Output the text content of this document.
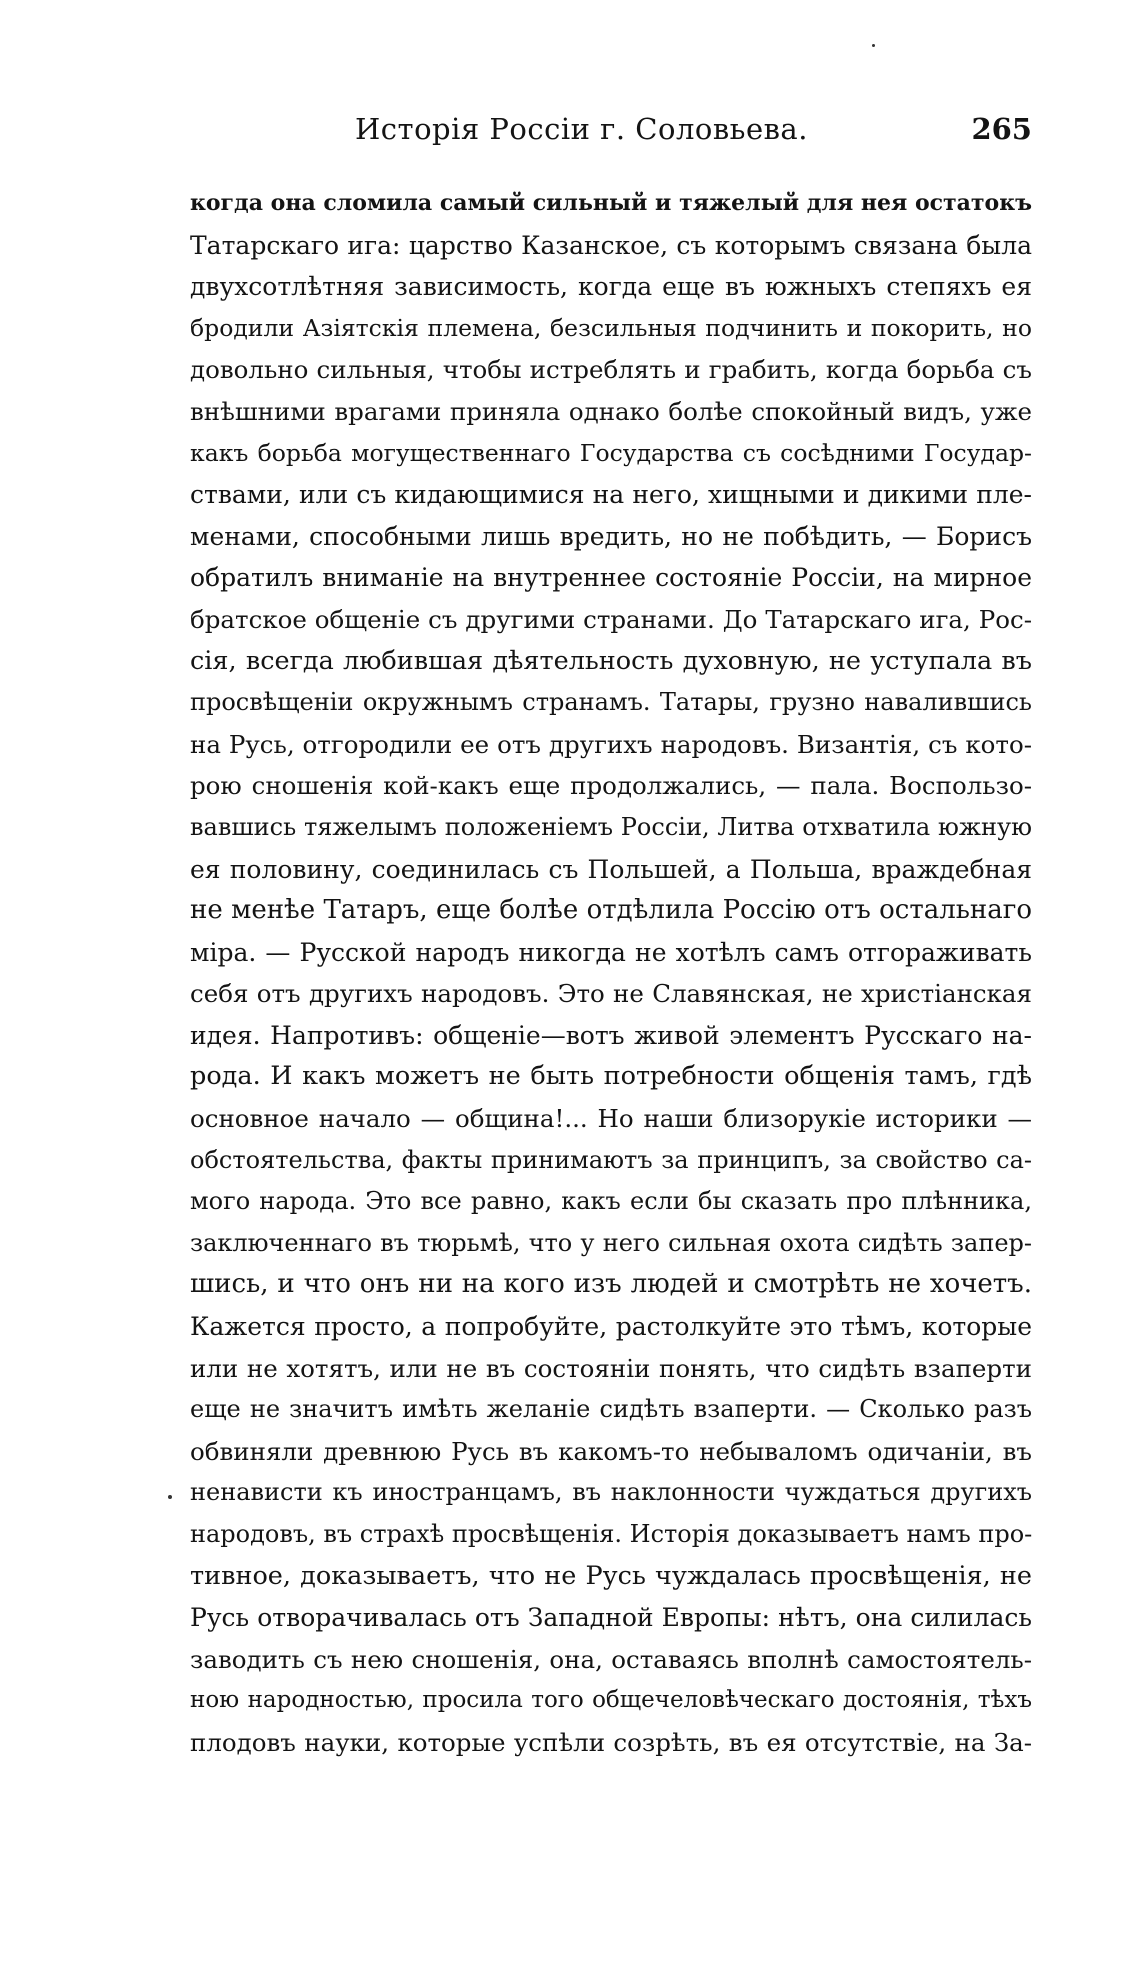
Исторія Россіи г. Соловьева.	265
когда она сломила самый сильный и тяжелый для нея остатокъ
Татарскаго ига: царство Казанское, съ которымъ связана была
двухсотлѣтняя зависимость, когда еще въ южныхъ степяхъ ея
бродили Азіятскія племена, безсильныя подчинить и покорить, но
довольно сильныя, чтобы истреблять и грабить, когда борьба съ
внѣшними врагами приняла однако болѣе спокойный видъ, уже
какъ борьба могущественнаго Государства съ сосѣдними Государ-
ствами, или съ кидающимися на него, хищными и дикими пле-
менами, способными лишь вредить, но не побѣдить, — Борисъ
обратилъ вниманіе на внутреннее состояніе Россіи, на мирное
братское общеніе съ другими странами. До Татарскаго ига, Рос-
сія, всегда любившая дѣятельность духовную, не уступала въ
просвѣщеніи окружнымъ странамъ. Татары, грузно навалившись
на Русь, отгородили ее отъ другихъ народовъ. Византія, съ кото-
рою сношенія кой-какъ еще продолжались, — пала. Воспользо-
вавшись тяжелымъ положеніемъ Россіи, Литва отхватила южную
ея половину, соединилась съ Польшей, а Польша, враждебная
не менѣе Татаръ, еще болѣе отдѣлила Россію отъ остальнаго
міра. — Русской народъ никогда не хотѣлъ самъ отгораживать
себя отъ другихъ народовъ. Это не Славянская, не христіанская
идея. Напротивъ: общеніе—вотъ живой элементъ Русскаго на-
рода. И какъ можетъ не быть потребности общенія тамъ, гдѣ
основное начало — община!... Но наши близорукіе историки —
обстоятельства, факты принимаютъ за принципъ, за свойство са-
мого народа. Это все равно, какъ если бы сказать про плѣнника,
заключеннаго въ тюрьмѣ, что у него сильная охота сидѣть запер-
шись, и что онъ ни на кого изъ людей и смотрѣть не хочетъ.
Кажется просто, а попробуйте, растолкуйте это тѣмъ, которые
или не хотятъ, или не въ состояніи понять, что сидѣть взаперти
еще не значитъ имѣть желаніе сидѣть взаперти. — Сколько разъ
обвиняли древнюю Русь въ какомъ-то небываломъ одичаніи, въ
ненависти къ иностранцамъ, въ наклонности чуждаться другихъ
народовъ, въ страхѣ просвѣщенія. Исторія доказываетъ намъ про-
тивное, доказываетъ, что не Русь чуждалась просвѣщенія, не
Русь отворачивалась отъ Западной Европы: нѣтъ, она силилась
заводить съ нею сношенія, она, оставаясь вполнѣ самостоятель-
ною народностью, просила того общечеловѣческаго достоянія, тѣхъ
плодовъ науки, которые успѣли созрѣть, въ ея отсутствіе, на За-
